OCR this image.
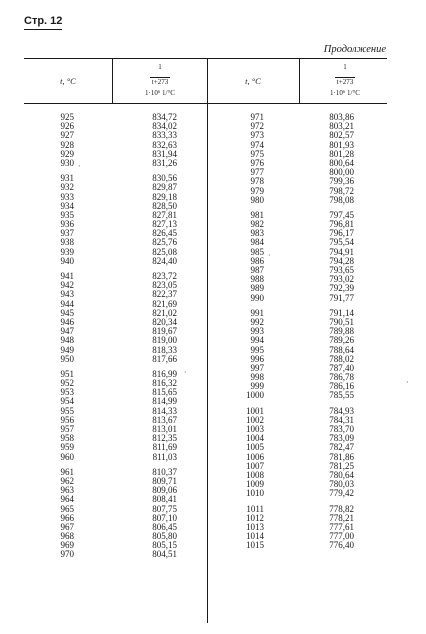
Стр. 12
Продолжение
t, °C
1
t+273
1·10⁶ 1/°C
t, °C
1
t+273
1·10⁶ 1/°C
925
926
927
928
929
930
931
932
933
934
935
936
937
938
939
940
941
942
943
944
945
946
947
948
949
950
951
952
953
954
955
956
957
958
959
960
961
962
963
964
965
966
967
968
969
970
834,72
834,02
833,33
832,63
831,94
831,26
830,56
829,87
829,18
828,50
827,81
827,13
826,45
825,76
825,08
824,40
823,72
823,05
822,37
821,69
821,02
820,34
819,67
819,00
818,33
817,66
816,99
816,32
815,65
814,99
814,33
813,67
813,01
812,35
811,69
811,03
810,37
809,71
809,06
808,41
807,75
807,10
806,45
805,80
805,15
804,51
971
972
973
974
975
976
977
978
979
980
981
982
983
984
985
986
987
988
989
990
991
992
993
994
995
996
997
998
999
1000
1001
1002
1003
1004
1005
1006
1007
1008
1009
1010
1011
1012
1013
1014
1015
803,86
803,21
802,57
801,93
801,28
800,64
800,00
799,36
798,72
798,08
797,45
796,81
796,17
795,54
794,91
794,28
793,65
793,02
792,39
791,77
791,14
790,51
789,88
789,26
788,64
788,02
787,40
786,78
786,16
785,55
784,93
784,31
783,70
783,09
782,47
781,86
781,25
780,64
780,03
779,42
778,82
778,21
777,61
777,00
776,40
·
·
·
·
